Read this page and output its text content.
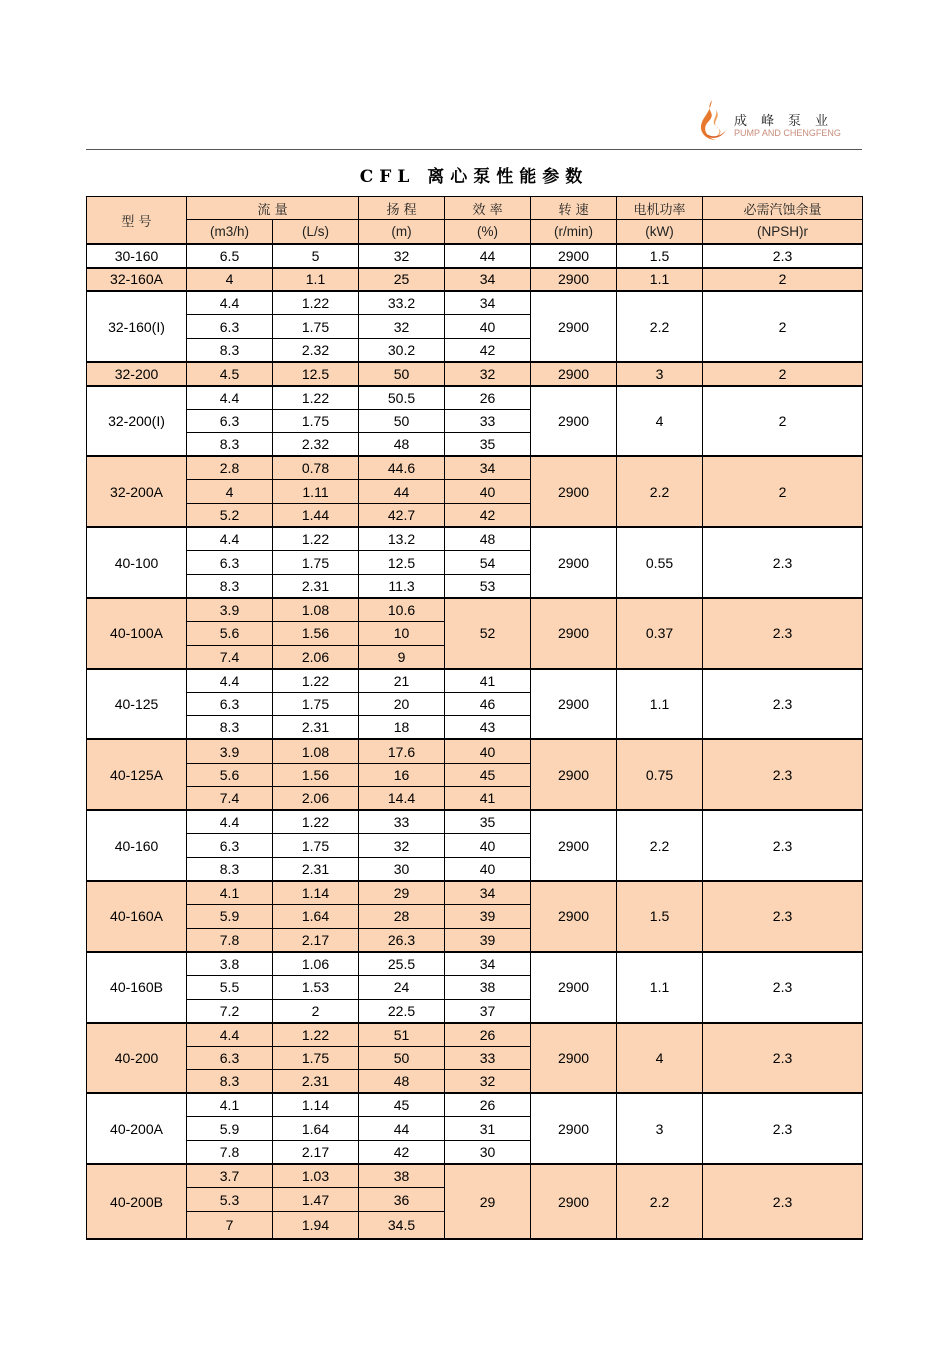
成峰泵业
PUMP AND CHENGFENG
CFL 离心泵性能参数
型 号	流 量		扬 程	效 率	转 速	电机功率	必需汽蚀余量
	(m3/h)	(L/s)	(m)	(%)	(r/min)	(kW)	(NPSH)r
30-160	6.5	5	32	44	2900	1.5	2.3
32-160A	4	1.1	25	34	2900	1.1	2
32-160(I)	4.4	1.22	33.2	34	2900	2.2	2
	6.3	1.75	32	40			
	8.3	2.32	30.2	42			
32-200	4.5	12.5	50	32	2900	3	2
32-200(I)	4.4	1.22	50.5	26	2900	4	2
	6.3	1.75	50	33			
	8.3	2.32	48	35			
32-200A	2.8	0.78	44.6	34	2900	2.2	2
	4	1.11	44	40			
	5.2	1.44	42.7	42			
40-100	4.4	1.22	13.2	48	2900	0.55	2.3
	6.3	1.75	12.5	54			
	8.3	2.31	11.3	53			
40-100A	3.9	1.08	10.6	52	2900	0.37	2.3
	5.6	1.56	10				
	7.4	2.06	9				
40-125	4.4	1.22	21	41	2900	1.1	2.3
	6.3	1.75	20	46			
	8.3	2.31	18	43			
40-125A	3.9	1.08	17.6	40	2900	0.75	2.3
	5.6	1.56	16	45			
	7.4	2.06	14.4	41			
40-160	4.4	1.22	33	35	2900	2.2	2.3
	6.3	1.75	32	40			
	8.3	2.31	30	40			
40-160A	4.1	1.14	29	34	2900	1.5	2.3
	5.9	1.64	28	39			
	7.8	2.17	26.3	39			
40-160B	3.8	1.06	25.5	34	2900	1.1	2.3
	5.5	1.53	24	38			
	7.2	2	22.5	37			
40-200	4.4	1.22	51	26	2900	4	2.3
	6.3	1.75	50	33			
	8.3	2.31	48	32			
40-200A	4.1	1.14	45	26	2900	3	2.3
	5.9	1.64	44	31			
	7.8	2.17	42	30			
40-200B	3.7	1.03	38	29	2900	2.2	2.3
	5.3	1.47	36				
	7	1.94	34.5				
